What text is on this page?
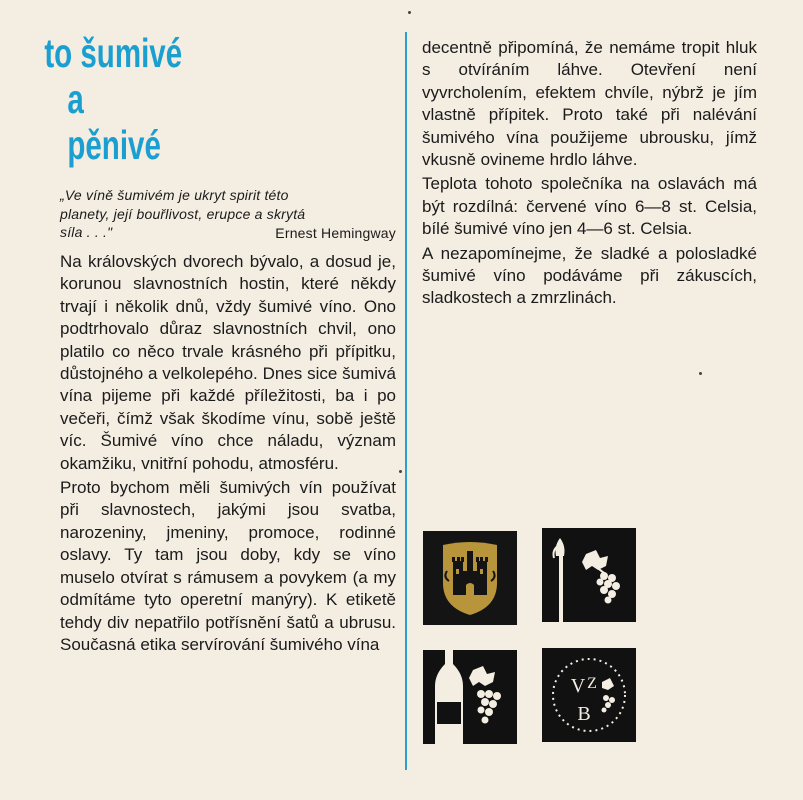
to šumivé
a pěnivé
„Ve víně šumivém je ukryt spirit této
planety, její bouřlivost, erupce a skrytá
síla . . ."	Ernest Hemingway

Na královských dvorech bývalo, a dosud je, korunou slavnostních hostin, které někdy trvají i několik dnů, vždy šumivé víno. Ono podtrhovalo důraz slavnostních chvil, ono platilo co něco trvale krásného při přípitku, důstojného a velkolepého. Dnes sice šumivá vína pijeme při každé příležitosti, ba i po večeři, čímž však škodíme vínu, sobě ještě víc. Šumivé víno chce náladu, význam okamžiku, vnitřní pohodu, atmosféru.

Proto bychom měli šumivých vín používat při slavnostech, jakými jsou svatba, narozeniny, jmeniny, promoce, rodinné oslavy. Ty tam jsou doby, kdy se víno muselo otvírat s rámusem a povykem (a my odmítáme tyto operetní manýry). K etiketě tehdy div nepatřilo potřísnění šatů a ubrusu. Současná etika servírování šumivého vína

decentně připomíná, že nemáme tropit hluk s otvíráním láhve. Otevření není vyvrcholením, efektem chvíle, nýbrž je jím vlastně přípitek. Proto také při nalévání šumivého vína použijeme ubrousku, jímž vkusně ovineme hrdlo láhve.

Teplota tohoto společníka na oslavách má být rozdílná: červené víno 6—8 st. Celsia, bílé šumivé víno jen 4—6 st. Celsia.

A nezapomínejme, že sladké a polosladké šumivé víno podáváme při zákuscích, sladkostech a zmrzlinách.

V Z
B
